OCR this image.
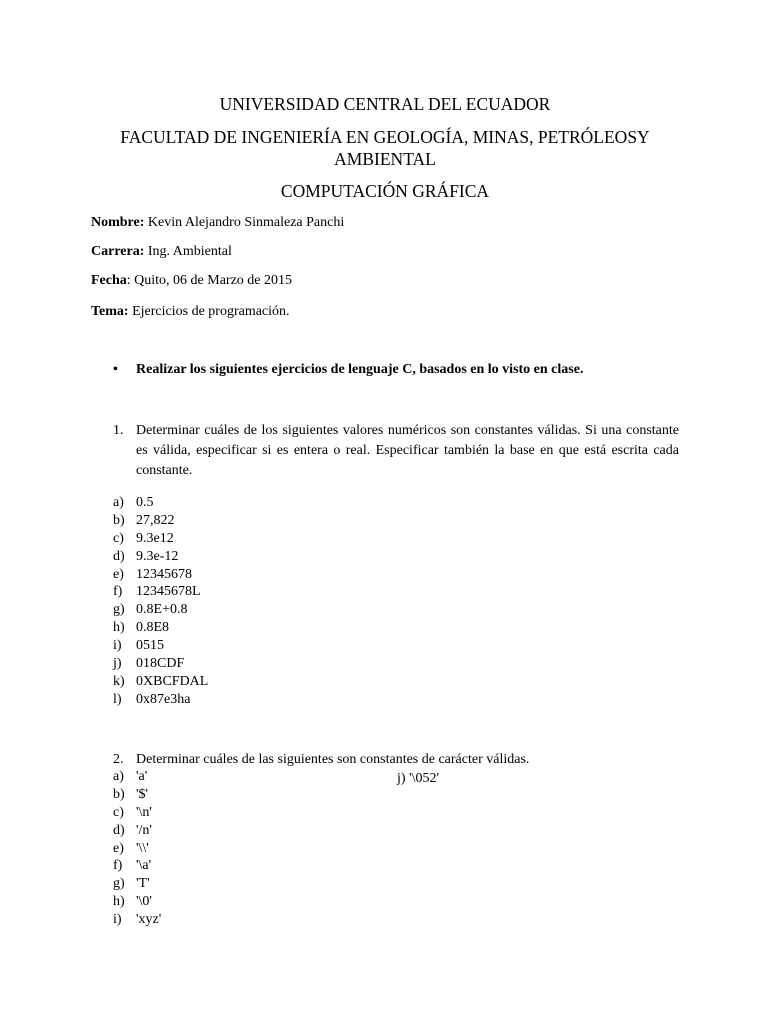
UNIVERSIDAD CENTRAL DEL ECUADOR
FACULTAD DE INGENIERÍA EN GEOLOGÍA, MINAS, PETRÓLEOSY
AMBIENTAL
COMPUTACIÓN GRÁFICA
Nombre: Kevin Alejandro Sinmaleza Panchi
Carrera: Ing. Ambiental
Fecha: Quito, 06 de Marzo de 2015
Tema: Ejercicios de programación.
• Realizar los siguientes ejercicios de lenguaje C, basados en lo visto en clase.
1. Determinar cuáles de los siguientes valores numéricos son constantes válidas. Si una constante es válida, especificar si es entera o real. Especificar también la base en que está escrita cada constante.
a) 0.5
b) 27,822
c) 9.3e12
d) 9.3e-12
e) 12345678
f) 12345678L
g) 0.8E+0.8
h) 0.8E8
i) 0515
j) 018CDF
k) 0XBCFDAL
l) 0x87e3ha
2. Determinar cuáles de las siguientes son constantes de carácter válidas.
a) 'a'
b) '$'
c) '\n'
d) '/n'
e) '\\'
f) '\a'
g) 'T'
h) '\0'
i) 'xyz'
j) '\052'
